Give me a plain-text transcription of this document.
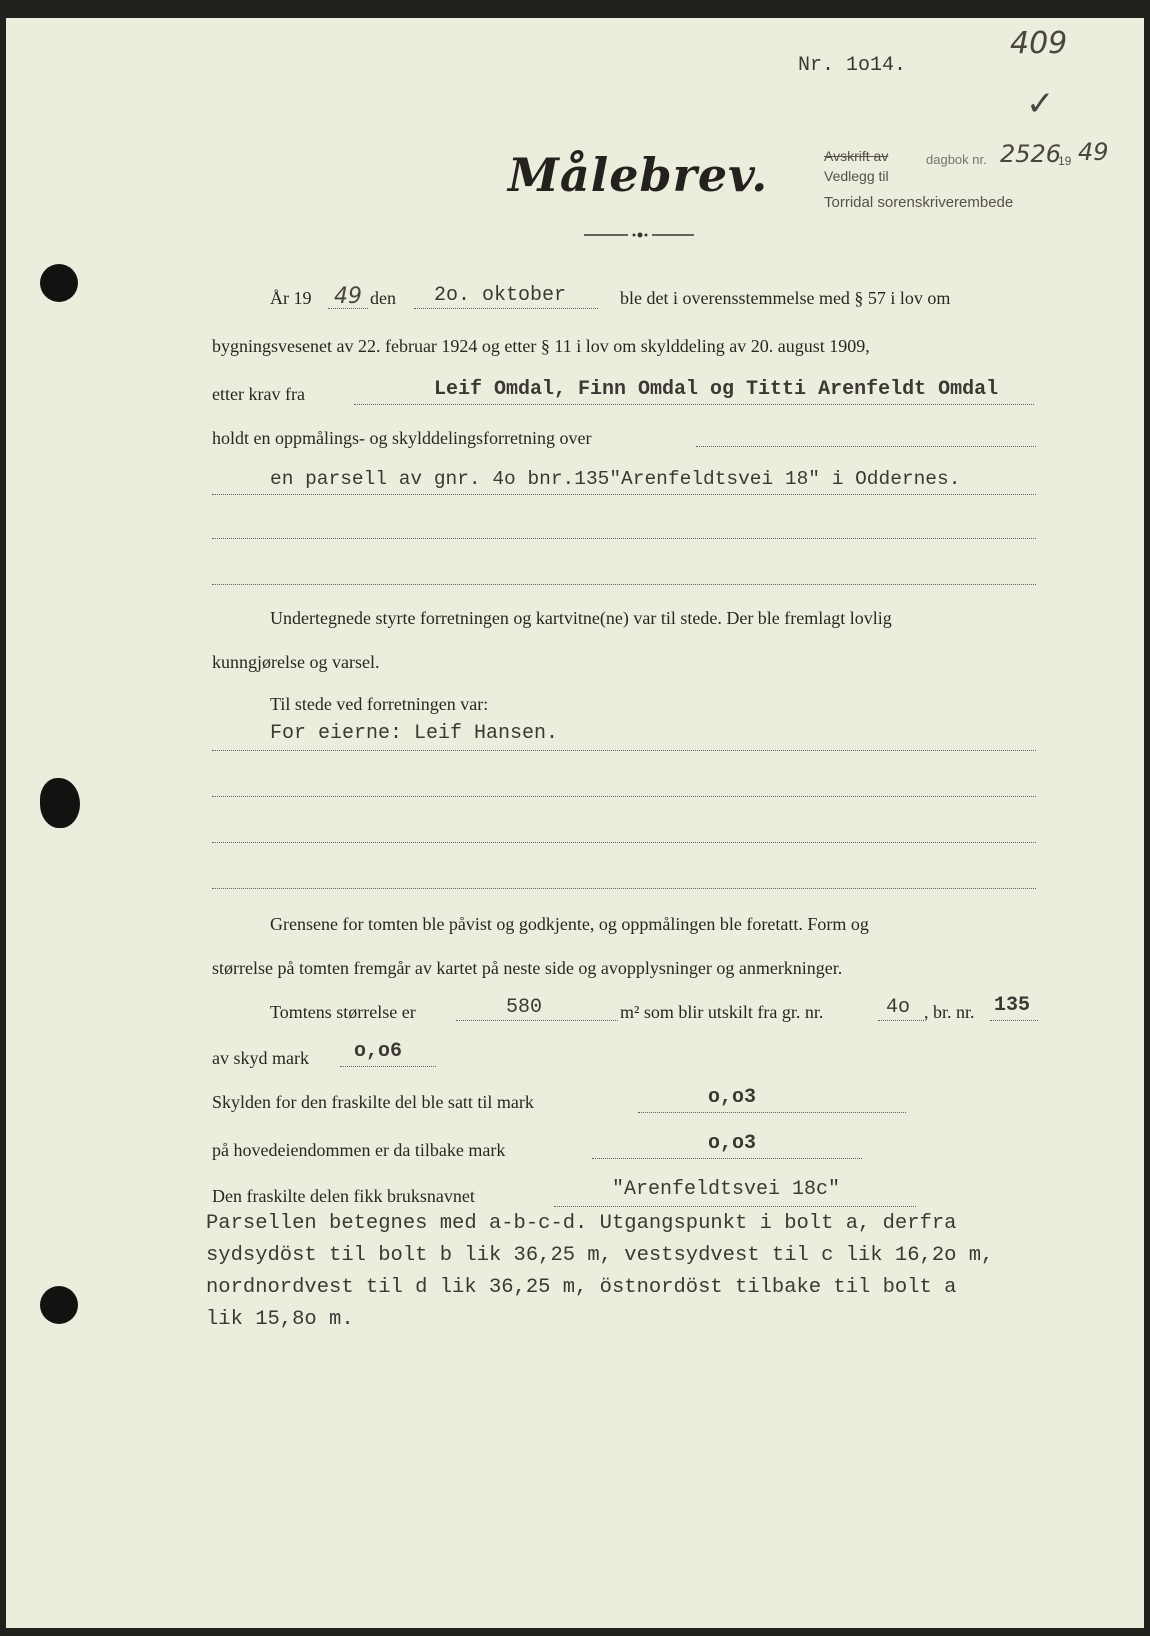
409
✓
Nr. 1o14.
Målebrev.	Avskrift av	dagbok nr. 2526
19 49
Vedlegg til
Torridal sorenskriverembede
År 19 49 den 2o. oktober	ble det i overensstemmelse med § 57 i lov om
bygningsvesenet av 22. februar 1924 og etter § 11 i lov om skylddeling av 20. august 1909,
etter krav fra	Leif Omdal, Finn Omdal og Titti Arenfeldt Omdal
holdt en oppmålings- og skylddelingsforretning over
en parsell av gnr. 4o bnr.135"Arenfeldtsvei 18" i Oddernes.
Undertegnede styrte forretningen og kartvitne(ne) var til stede. Der ble fremlagt lovlig
kunngjørelse og varsel.
Til stede ved forretningen var:
For eierne: Leif Hansen.
Grensene for tomten ble påvist og godkjente, og oppmålingen ble foretatt. Form og
størrelse på tomten fremgår av kartet på neste side og avopplysninger og anmerkninger.
Tomtens størrelse er	580	m² som blir utskilt fra gr. nr.	4o , br. nr. 135
av skyd mark o,o6
Skylden for den fraskilte del ble satt til mark	o,o3
på hovedeiendommen er da tilbake mark	o,o3
Den fraskilte delen fikk bruksnavnet	"Arenfeldtsvei 18c"
Parsellen betegnes med a-b-c-d. Utgangspunkt i bolt a, derfra
sydsydöst til bolt b lik 36,25 m, vestsydvest til c lik 16,2o m,
nordnordvest til d lik 36,25 m, östnordöst tilbake til bolt a
lik 15,8o m.
